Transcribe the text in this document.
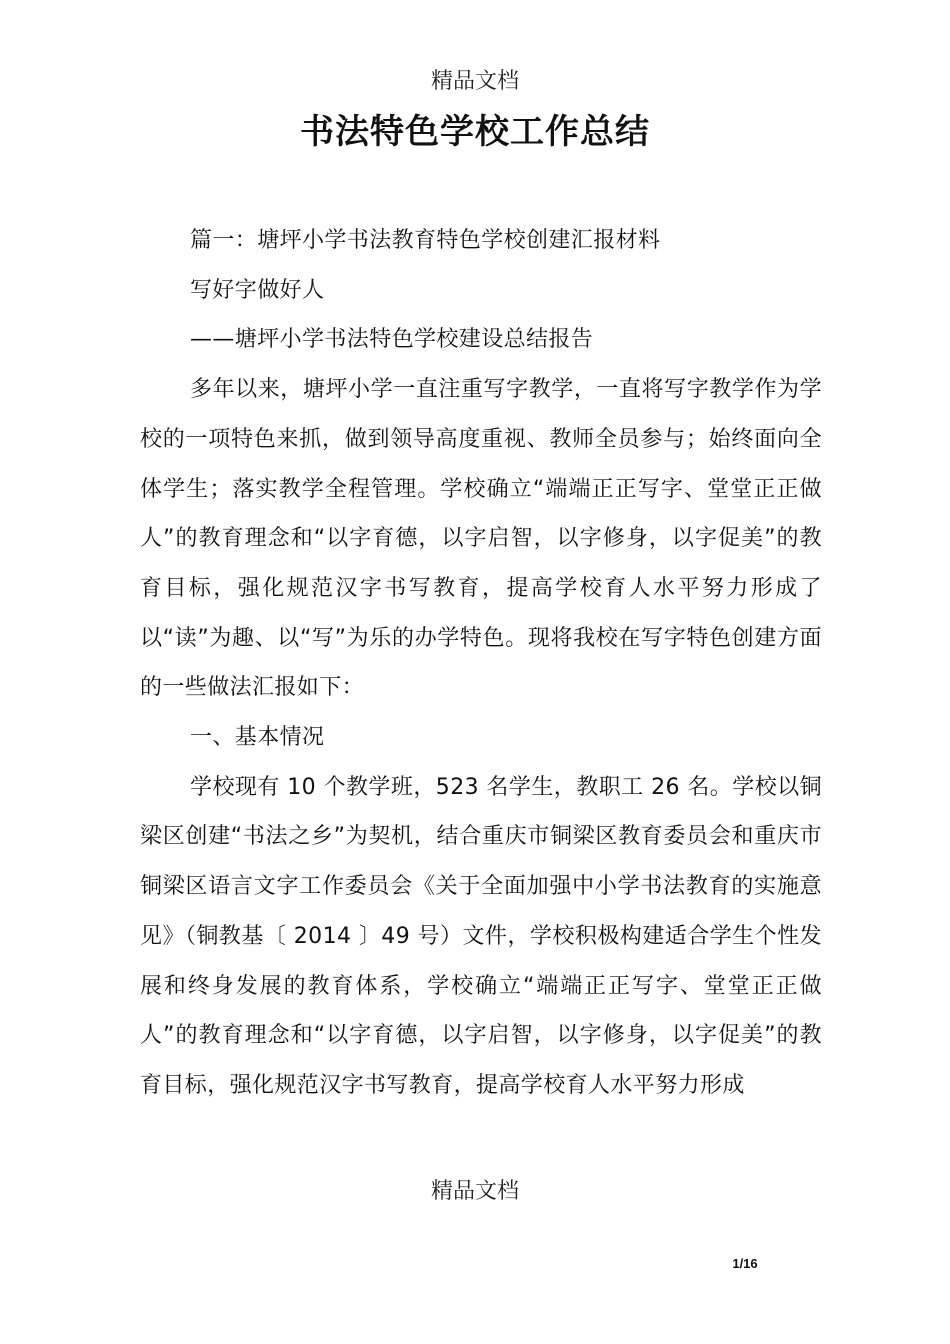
精品文档
书法特色学校工作总结

篇一：塘坪小学书法教育特色学校创建汇报材料

写好字做好人

——塘坪小学书法特色学校建设总结报告

多年以来，塘坪小学一直注重写字教学，一直将写字教学作为学校的一项特色来抓，做到领导高度重视、教师全员参与；始终面向全体学生；落实教学全程管理。学校确立“端端正正写字、堂堂正正做人”的教育理念和“以字育德，以字启智，以字修身，以字促美”的教育目标，强化规范汉字书写教育，提高学校育人水平努力形成了以“读”为趣、以“写”为乐的办学特色。现将我校在写字特色创建方面的一些做法汇报如下：

一、基本情况

学校现有 10 个教学班，523 名学生，教职工 26 名。学校以铜梁区创建“书法之乡”为契机，结合重庆市铜梁区教育委员会和重庆市铜梁区语言文字工作委员会《关于全面加强中小学书法教育的实施意见》（铜教基〔 2014 〕49 号）文件，学校积极构建适合学生个性发展和终身发展的教育体系，学校确立“端端正正写字、堂堂正正做人”的教育理念和“以字育德，以字启智，以字修身，以字促美”的教育目标，强化规范汉字书写教育，提高学校育人水平努力形成

精品文档
1/16
